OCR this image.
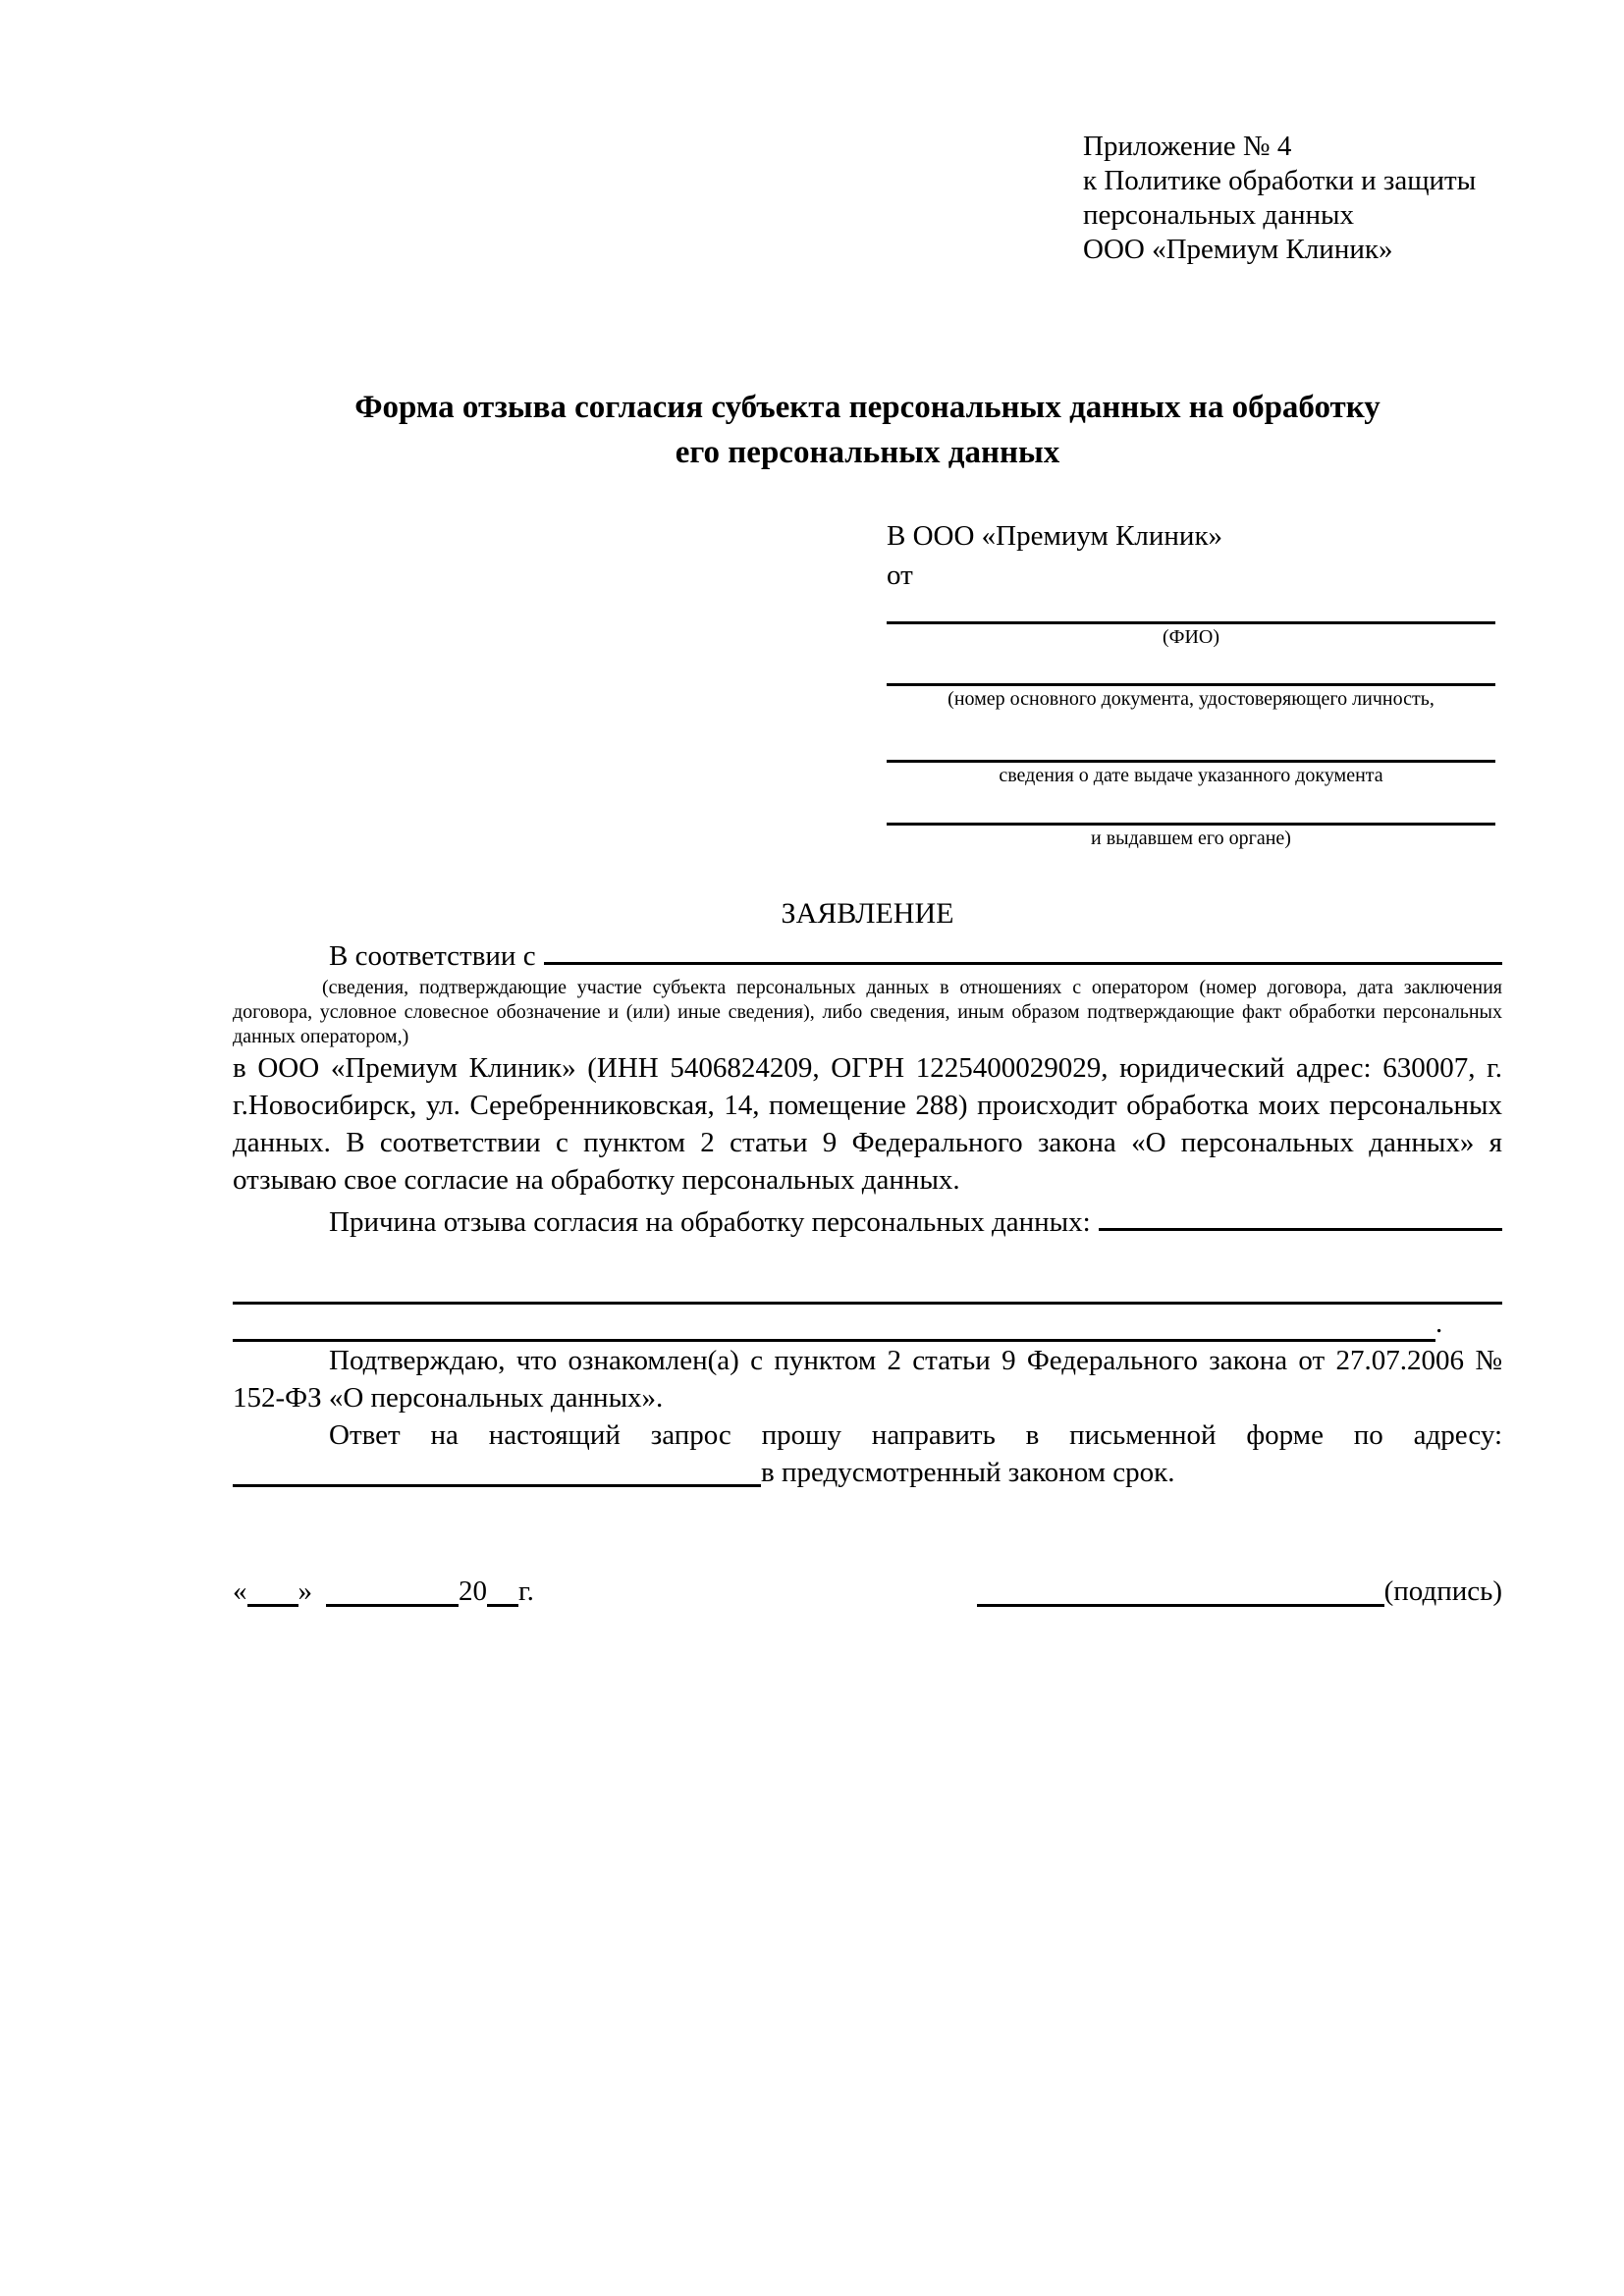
Приложение № 4
к Политике обработки и защиты
персональных данных
ООО «Премиум Клиник»
Форма отзыва согласия субъекта персональных данных на обработку
его персональных данных
В ООО «Премиум Клиник»
от
(ФИО)
(номер основного документа, удостоверяющего личность,
сведения о дате выдаче указанного документа
и выдавшем его органе)
ЗАЯВЛЕНИЕ
В соответствии с
(сведения, подтверждающие участие субъекта персональных данных в отношениях с оператором (номер договора, дата заключения договора, условное словесное обозначение и (или) иные сведения), либо сведения, иным образом подтверждающие факт обработки персональных данных оператором,)
в ООО «Премиум Клиник» (ИНН 5406824209, ОГРН 1225400029029, юридический адрес: 630007, г. г.Новосибирск, ул. Серебренниковская, 14, помещение 288) происходит обработка моих персональных данных. В соответствии с пунктом 2 статьи 9 Федерального закона «О персональных данных» я отзываю свое согласие на обработку персональных данных.
Причина отзыва согласия на обработку персональных данных:
.
Подтверждаю, что ознакомлен(а) с пунктом 2 статьи 9 Федерального закона от 27.07.2006 № 152-ФЗ «О персональных данных».
Ответ на настоящий запрос прошу направить в письменной форме по адресу:
в предусмотренный законом срок.
« »	20 г.	(подпись)
